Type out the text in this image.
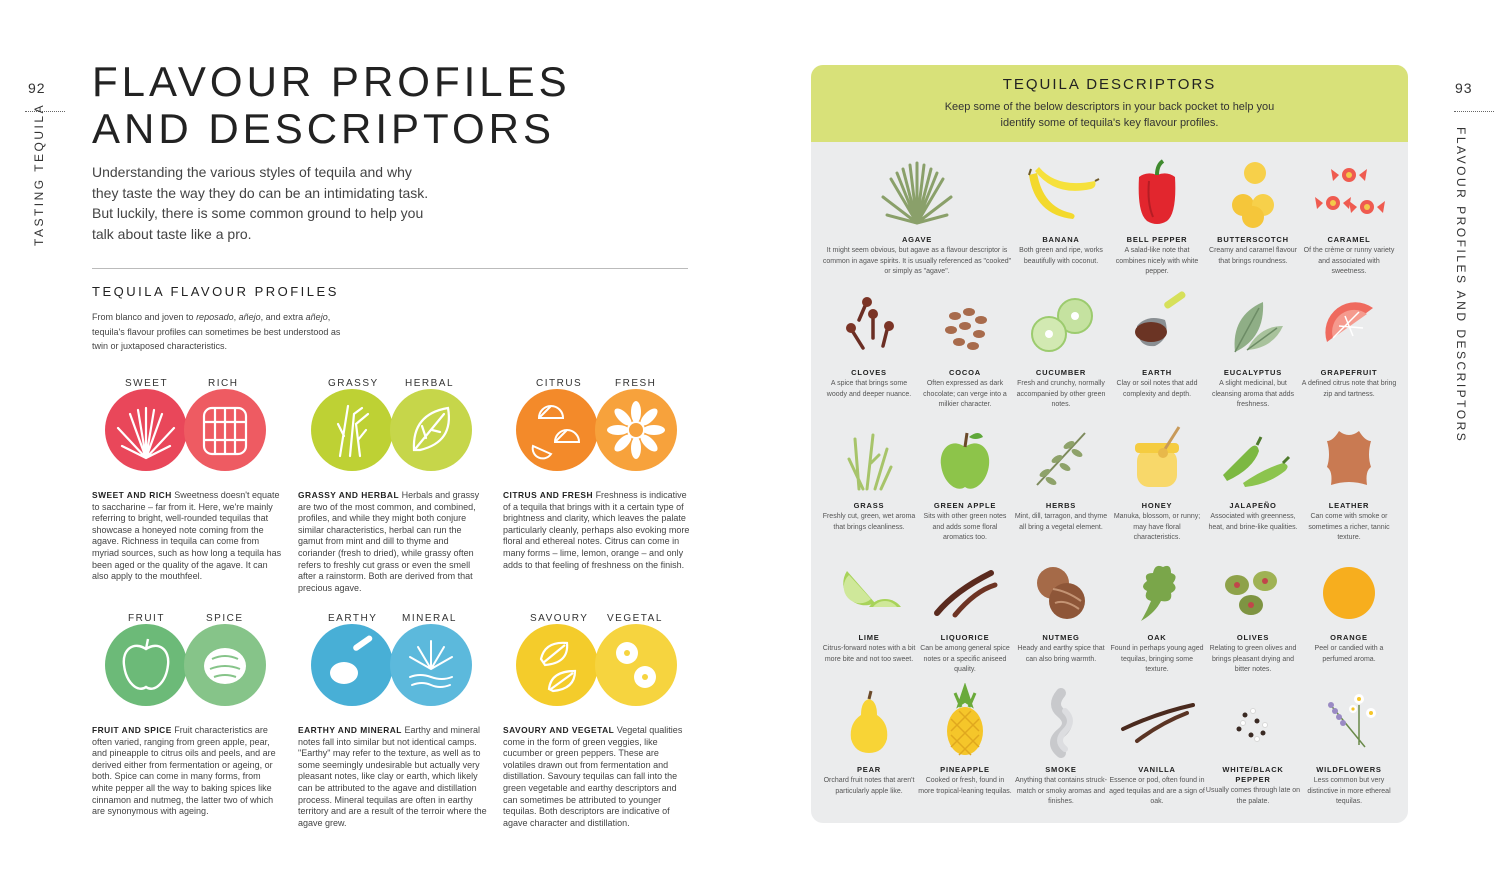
92
TASTING TEQUILA
FLAVOUR PROFILES
AND DESCRIPTORS

Understanding the various styles of tequila and why they taste the way they do can be an intimidating task. But luckily, there is some common ground to help you talk about taste like a pro.

TEQUILA FLAVOUR PROFILES

From blanco and joven to reposado, añejo, and extra añejo, tequila's flavour profiles can sometimes be best understood as twin or juxtaposed characteristics.

SWEET	RICH

SWEET AND RICH Sweetness doesn't equate to saccharine – far from it. Here, we're mainly referring to bright, well-rounded tequilas that showcase a honeyed note coming from the agave. Richness in tequila can come from myriad sources, such as how long a tequila has been aged or the quality of the agave. It can also apply to the mouthfeel.

GRASSY	HERBAL

GRASSY AND HERBAL Herbals and grassy are two of the most common, and combined, profiles, and while they might both conjure similar characteristics, herbal can run the gamut from mint and dill to thyme and coriander (fresh to dried), while grassy often refers to freshly cut grass or even the smell after a rainstorm. Both are derived from that precious agave.

CITRUS	FRESH

CITRUS AND FRESH Freshness is indicative of a tequila that brings with it a certain type of brightness and clarity, which leaves the palate particularly cleanly, perhaps also evoking more floral and ethereal notes. Citrus can come in many forms – lime, lemon, orange – and only adds to that feeling of freshness on the finish.

FRUIT	SPICE

FRUIT AND SPICE Fruit characteristics are often varied, ranging from green apple, pear, and pineapple to citrus oils and peels, and are derived either from fermentation or ageing, or both. Spice can come in many forms, from white pepper all the way to baking spices like cinnamon and nutmeg, the latter two of which are synonymous with ageing.

EARTHY MINERAL

EARTHY AND MINERAL Earthy and mineral notes fall into similar but not identical camps. "Earthy" may refer to the texture, as well as to some seemingly undesirable but actually very pleasant notes, like clay or earth, which likely can be attributed to the agave and distillation process. Mineral tequilas are often in earthy territory and are a result of the terroir where the agave grew.

SAVOURY VEGETAL

SAVOURY AND VEGETAL Vegetal qualities come in the form of green veggies, like cucumber or green peppers. These are volatiles drawn out from fermentation and distillation. Savoury tequilas can fall into the green vegetable and earthy descriptors and can sometimes be attributed to younger tequilas. Both descriptors are indicative of agave character and distillation.

93
FLAVOUR PROFILES AND DESCRIPTORS
TEQUILA DESCRIPTORS
Keep some of the below descriptors in your back pocket to help you identify some of tequila's key flavour profiles.
AGAVE
It might seem obvious, but agave as a flavour descriptor is common in agave spirits. It is usually referenced as "cooked" or simply as "agave".
BANANA
Both green and ripe, works beautifully with coconut.
BELL PEPPER
A salad-like note that combines nicely with white pepper.
BUTTERSCOTCH
Creamy and caramel flavour that brings roundness.
CARAMEL
Of the crème or runny variety and associated with sweetness.
CLOVES
A spice that brings some woody and deeper nuance.
COCOA
Often expressed as dark chocolate; can verge into a milkier character.
CUCUMBER
Fresh and crunchy, normally accompanied by other green notes.
EARTH
Clay or soil notes that add complexity and depth.
EUCALYPTUS
A slight medicinal, but cleansing aroma that adds freshness.
GRAPEFRUIT
A defined citrus note that bring zip and tartness.
GRASS
Freshly cut, green, wet aroma that brings cleanliness.
GREEN APPLE
Sits with other green notes and adds some floral aromatics too.
HERBS
Mint, dill, tarragon, and thyme all bring a vegetal element.
HONEY
Manuka, blossom, or runny; may have floral characteristics.
JALAPEÑO
Associated with greenness, heat, and brine-like qualities.
LEATHER
Can come with smoke or sometimes a richer, tannic texture.
LIME
Citrus-forward notes with a bit more bite and not too sweet.
LIQUORICE
Can be among general spice notes or a specific aniseed quality.
NUTMEG
Heady and earthy spice that can also bring warmth.
OAK
Found in perhaps young aged tequilas, bringing some texture.
OLIVES
Relating to green olives and brings pleasant drying and bitter notes.
ORANGE
Peel or candied with a perfumed aroma.
PEAR
Orchard fruit notes that aren't particularly apple like.
PINEAPPLE
Cooked or fresh, found in more tropical-leaning tequilas.
SMOKE
Anything that contains struck-match or smoky aromas and finishes.
VANILLA
Essence or pod, often found in aged tequilas and are a sign of oak.
WHITE/BLACK PEPPER
Usually comes through late on the palate.
WILDFLOWERS
Less common but very distinctive in more ethereal tequilas.
